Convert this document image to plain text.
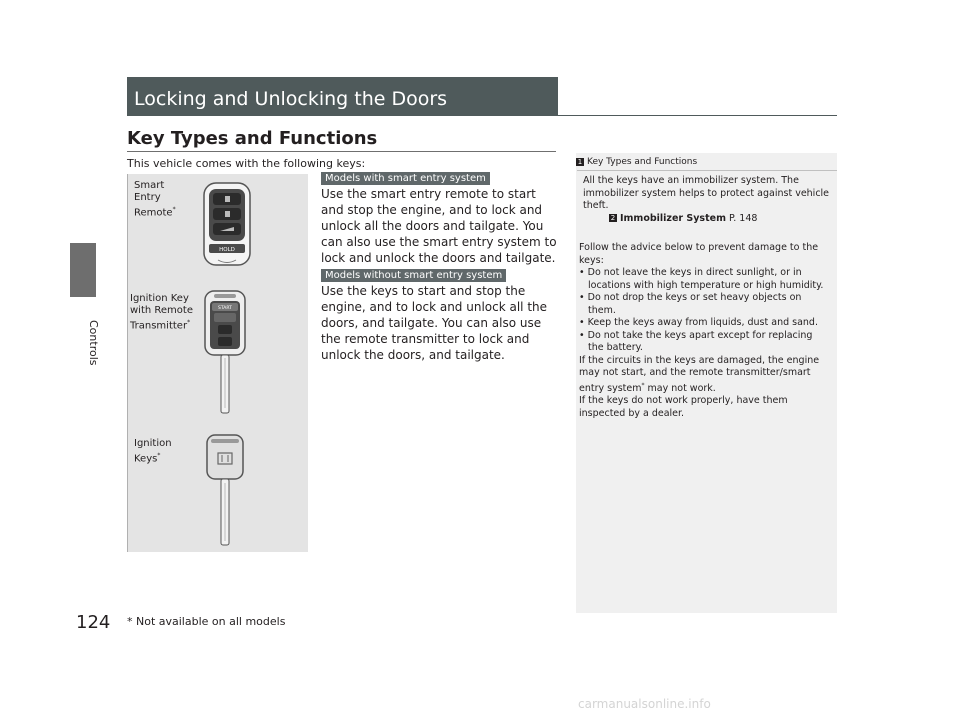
Controls
Locking and Unlocking the Doors
Key Types and Functions
This vehicle comes with the following keys:
Smart
Entry
Remote*
Ignition Key
with Remote
Transmitter*
Ignition
Keys*
HOLD
START
Models with smart entry system
Use the smart entry remote to start and stop the engine, and to lock and unlock all the doors and tailgate. You can also use the smart entry system to lock and unlock the doors and tailgate.
Models without smart entry system
Use the keys to start and stop the engine, and to lock and unlock all the doors, and tailgate. You can also use the remote transmitter to lock and unlock the doors, and tailgate.
1 Key Types and Functions
All the keys have an immobilizer system. The immobilizer system helps to protect against vehicle theft.
2 Immobilizer System P. 148
Follow the advice below to prevent damage to the keys:
• Do not leave the keys in direct sunlight, or in locations with high temperature or high humidity.
• Do not drop the keys or set heavy objects on them.
• Keep the keys away from liquids, dust and sand.
• Do not take the keys apart except for replacing the battery.
If the circuits in the keys are damaged, the engine may not start, and the remote transmitter/smart entry system* may not work.
If the keys do not work properly, have them inspected by a dealer.
124 * Not available on all models
carmanualsonline.info
